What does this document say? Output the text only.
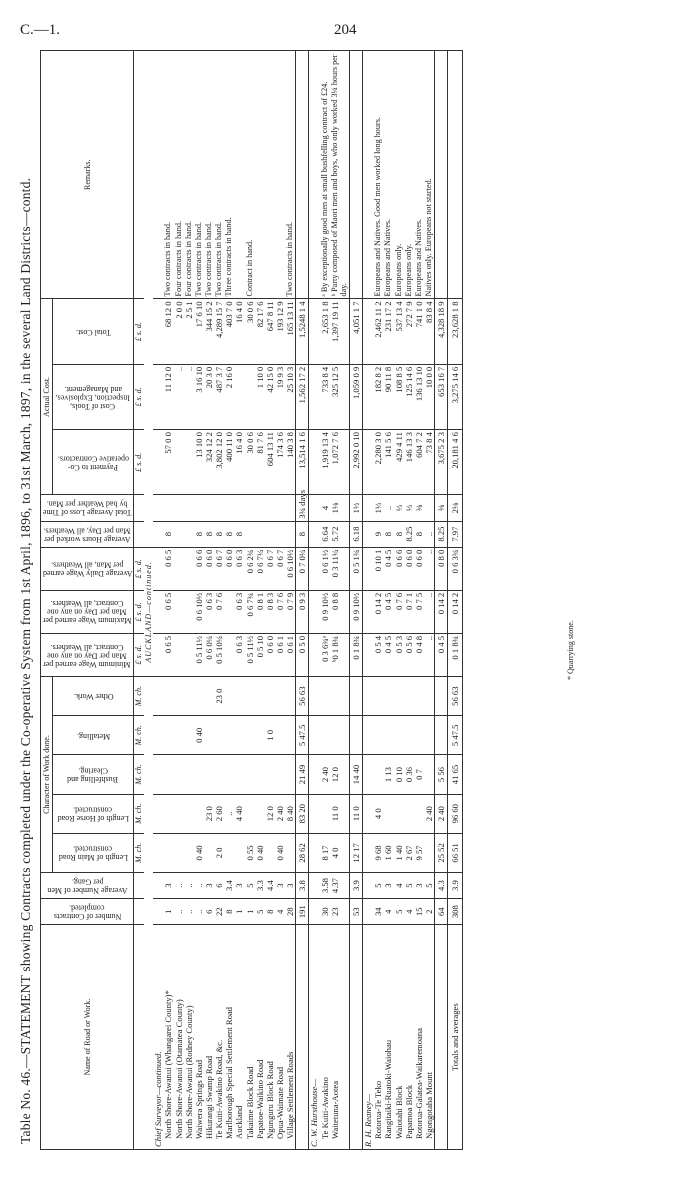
C.—1.	204
Table No. 46.—STATEMENT showing Contracts completed under the Co-operative System from 1st April, 1896, to 31st March, 1897, in the several Land Districts—contd.	Name of Road or Work.	Number of Contracts completed.	Average Number of Men per Gang.	Character of Work done.					Minimum Wage earned per Man per Day on any one Contract, all Weathers.	Maximum Wage earned per Man per Day on any one Contract, all Weathers.	Average Daily Wage earned per Man, all Weathers.	Average Hours worked per Man per Day, all Weathers.	Total Average Loss of Time by bad Weather per Man.	Actual Cost.			Remarks.

			Length of Main Road constructed.	Length of Horse Road constructed.	Bushfelling and Clearing.	Metalling.	Other Work.						Payment to Co-operative Contractors.	Cost of Tools, Inspection, Explosives, and Management.	Total Cost.	

			M. ch.	M. ch.	M. ch.	M. ch.	M. ch.	£ s. d.	£ s. d.	£ s. d.			£ s. d.	£ s. d.	£ s. d.	
								AUCKLAND—continued.								
Chief Surveyor—continued.																
North Shore-Awanui (Whangarei County)*	1	3						0 6 5	0 6 5	0 6 5	8		57 0 0	11 12 0	68 12 0	Two contracts in hand.
North Shore-Awanui (Otamatea County)	..	..												..	2 0 0	Four contracts in hand.
North Shore-Awanui (Rodney County)	..	..												..	2 5 1	Four contracts in hand.
Waiwera Springs Road	..	..	0 40			0 40		0 5 11½	0 6 10½	0 6 6	8		13 10 0	3 16 10	17 6 10	Two contracts in hand.
Hikurangi Swamp Road	6	3		23 0				0 6 0¼	0 6 3	0 6 0	8		324 12 2	20 3 0	344 15 2	Two contracts in hand.
Te Kuiti-Awakino Road, &c.	22	6	2 0	2 60			23 0	0 5 10¼	0 7 6	0 6 7	8		3,802 12 0	487 3 7	4,289 15 7	Two contracts in hand.
Marlborough Special Settlement Road	8	3.4		..						0 6 0	8		400 11 0	2 16 0	403 7 0	Three contracts in hand.
Auckland	1	3		4 40				0 6 3	0 6 3	0 6 3	8		16 4 0		16 4 0	
Takaime Block Road	1	5	0 55					0 5 11½	0 6 7¾	0 6 2¾			30 0 6		30 0 6	Contract in hand.
Papatoe-Waikino Road	5	3.3	0 40					0 5 10	0 8 1	0 6 7¼			81 7 6	1 10 0	82 17 6	
Ngunguru Block Road	8	4.4		12 0		1 0		0 6 0	0 8 3	0 6 7			604 13 11	42 15 0	647 8 11	
Opua-Waimate Road	4	3	0 40	2 40				0 6 1	0 7 6	0 6 7			174 3 6	19 9 3	193 12 9	
Village Settlement Roads	28	3		8 40				0 6 1	0 7 9	0 6 10½			140 3 8	25 10 3	165 13 11	Two contracts in hand.
	191	3.8	28 62	83 20	21 49	5 47.5	56 63	0 5 0	0 9 3	0 7 0¼	8	3¾ days	13,514 1 6	1,562 17 2	1,5248 1 4	
C. W. Hursthouse—																
Te Kuiti-Awakino	30	3.58	8 17		2 40			0 3 6¾ᵃ	0 9 10½	0 6 1½	6.64	4	1,919 13 4	733 8 4	2,653 1 8	ᵃ By exceptionally good men at small bushfelling contract of £24.
Waitetuna-Aotea	23	4.37	4 0	11 0	12 0			ᵇ0 1 8¾	0 8 8	0 3 11¼	5.72	1⅛	1,072 7 6	325 12 5	1,397 19 11	ᵇ Party composed of Maori men and boys, who only worked 3¼ hours per day.
	53	3.9	12 17	11 0	14 40			0 1 8¾	0 9 10½	0 5 1¾	6.18	1½	2,992 0 10	1,059 0 9	4,051 1 7	
R. H. Reaney—																
Rotorua-Te Teko	34	5	9 68	4 0				0 5 4	0 14 2	0 10 1	9	1⅓	2,280 3 0	182 8 2	2,462 11 2	Europeans and Natives. Good men worked long hours.
Rangitaiki-Ruatoki-Waiohau	4	3	1 60		1 13			0 4 5	0 4 5	0 4 5	8	..	141 5 6	90 11 8	231 17 2	Europeans and Natives.
Waiotahi Block	5	4	1 40		0 10			0 5 3	0 7 6	0 6 6	8	⅓	429 4 11	108 8 5	537 13 4	Europeans only.
Papamoa Block	4	5	2 67		0 36			0 5 6	0 7 1	0 6 0	8.25	⅓	146 13 3	125 14 6	272 7 9	Europeans only.
Rotorua-Galatea-Waikaremoana	15	3	9 57		0 7			0 4 8	0 7 5	0 6 0	8	⅜	604 7 2	136 13 10	741 1 0	Europeans and Natives.
Ngongotaha Mount	2	5		2 40				..	..	..	..		73 8 4	10 0 0	83 8 4	Natives only. Europeans not started.
	64	4.3	25 52	2 40	5 56			0 4 5	0 14 2	0 8 0	8.25	⅜	3,675 2 3	653 16 7	4,328 18 9	
Totals and averages	308	3.9	66 51	96 60	41 65	5 47.5	56 63	0 1 8¾	0 14 2	0 6 3¾	7.97	2⅛	20,181 4 6	3,275 14 6	23,628 1 8	
* Quarrying stone.
